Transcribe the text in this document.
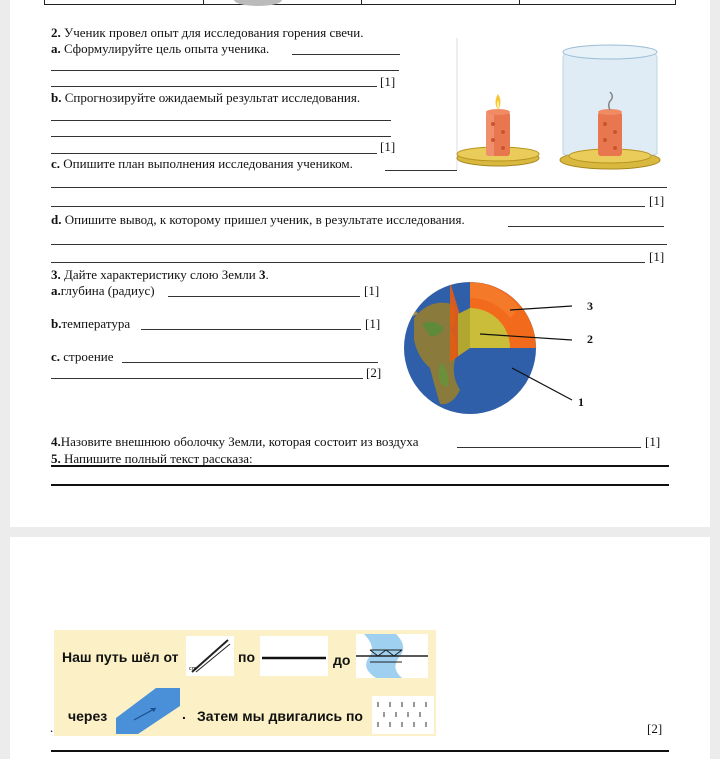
2. Ученик провел опыт для исследования горения свечи.
a. Сформулируйте цель опыта ученика.
[1]
b. Спрогнозируйте ожидаемый результат исследования.
[1]
c. Опишите план выполнения исследования учеником.
[1]
d. Опишите вывод, к которому пришел ученик, в результате исследования.
[1]
3. Дайте характеристику слою Земли 3.
a.глубина (радиус)	[1]
b.температура	[1]
c. строение
[2]
3
2
1
4.Назовите внешнюю оболочку Земли, которая состоит из воздуха	[1]
5. Напишите полный текст рассказа:
Наш путь шёл от
cm
по	до
через	. Затем мы двигались по
.	[2]
